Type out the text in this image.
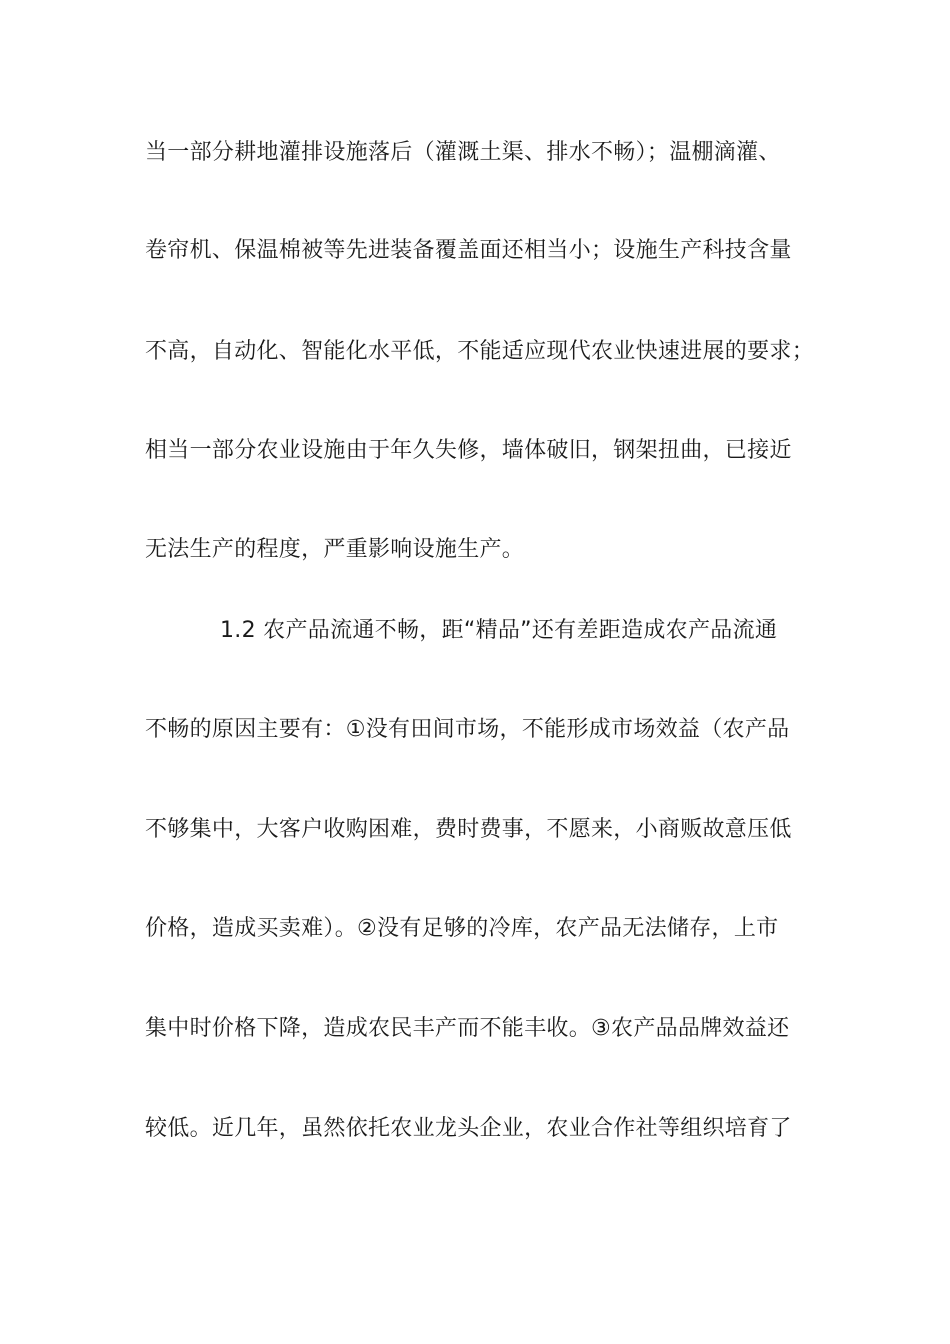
当一部分耕地灌排设施落后（灌溉土渠、排水不畅）；温棚滴灌、
卷帘机、保温棉被等先进装备覆盖面还相当小；设施生产科技含量
不高，自动化、智能化水平低，不能适应现代农业快速进展的要求；
相当一部分农业设施由于年久失修，墙体破旧，钢架扭曲，已接近
无法生产的程度，严重影响设施生产。
1.2 农产品流通不畅，距“精品”还有差距造成农产品流通
不畅的原因主要有：①没有田间市场，不能形成市场效益（农产品
不够集中，大客户收购困难，费时费事，不愿来，小商贩故意压低
价格，造成买卖难）。②没有足够的冷库，农产品无法储存，上市
集中时价格下降，造成农民丰产而不能丰收。③农产品品牌效益还
较低。近几年，虽然依托农业龙头企业，农业合作社等组织培育了
